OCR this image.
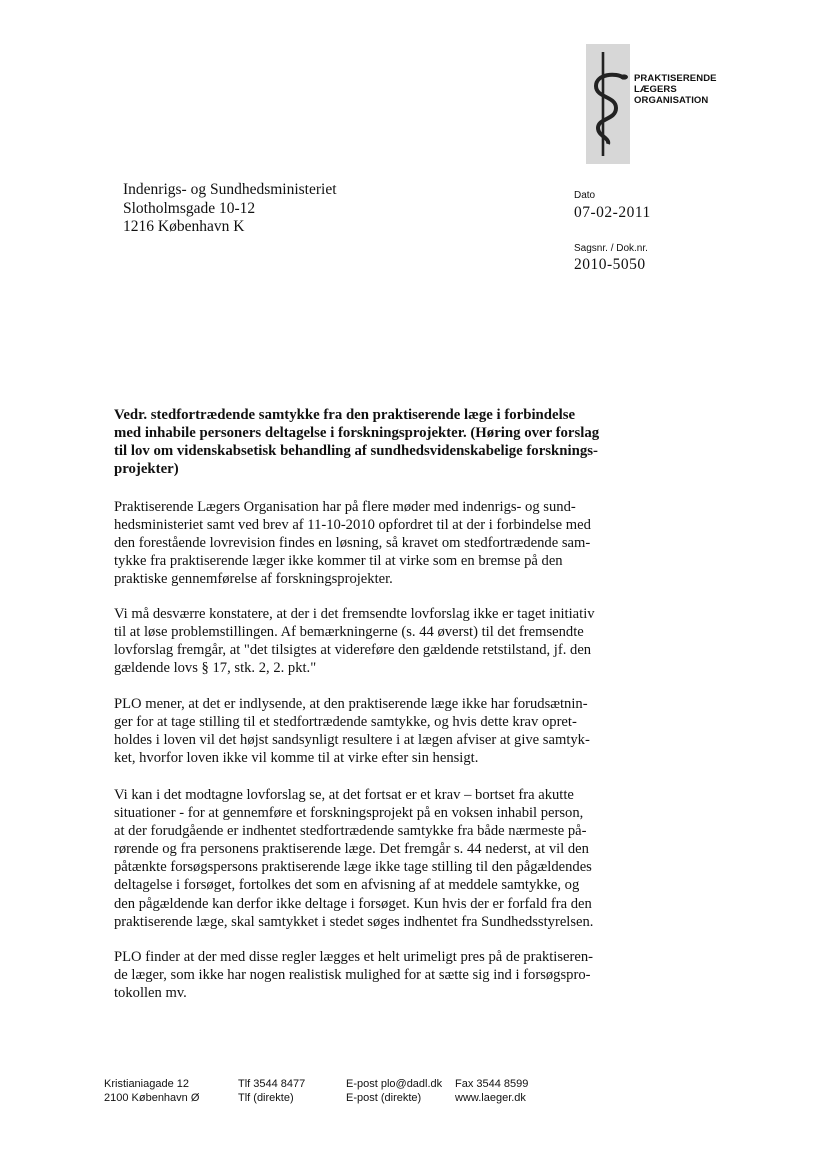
PRAKTISERENDE
LÆGERS
ORGANISATION
Indenrigs- og Sundhedsministeriet
Slotholmsgade 10-12
1216 København K
Dato
07-02-2011
Sagsnr. / Dok.nr.
2010-5050
Vedr. stedfortrædende samtykke fra den praktiserende læge i forbindelse
med inhabile personers deltagelse i forskningsprojekter. (Høring over forslag
til lov om videnskabsetisk behandling af sundhedsvidenskabelige forsknings-
projekter)
Praktiserende Lægers Organisation har på flere møder med indenrigs- og sund-
hedsministeriet samt ved brev af 11-10-2010 opfordret til at der i forbindelse med
den forestående lovrevision findes en løsning, så kravet om stedfortrædende sam-
tykke fra praktiserende læger ikke kommer til at virke som en bremse på den
praktiske gennemførelse af forskningsprojekter.
Vi må desværre konstatere, at der i det fremsendte lovforslag ikke er taget initiativ
til at løse problemstillingen. Af bemærkningerne (s. 44 øverst) til det fremsendte
lovforslag fremgår, at "det tilsigtes at videreføre den gældende retstilstand, jf. den
gældende lovs § 17, stk. 2, 2. pkt."
PLO mener, at det er indlysende, at den praktiserende læge ikke har forudsætnin-
ger for at tage stilling til et stedfortrædende samtykke, og hvis dette krav opret-
holdes i loven vil det højst sandsynligt resultere i at lægen afviser at give samtyk-
ket, hvorfor loven ikke vil komme til at virke efter sin hensigt.
Vi kan i det modtagne lovforslag se, at det fortsat er et krav – bortset fra akutte
situationer - for at gennemføre et forskningsprojekt på en voksen inhabil person,
at der forudgående er indhentet stedfortrædende samtykke fra både nærmeste på-
rørende og fra personens praktiserende læge. Det fremgår s. 44 nederst, at vil den
påtænkte forsøgspersons praktiserende læge ikke tage stilling til den pågældendes
deltagelse i forsøget, fortolkes det som en afvisning af at meddele samtykke, og
den pågældende kan derfor ikke deltage i forsøget. Kun hvis der er forfald fra den
praktiserende læge, skal samtykket i stedet søges indhentet fra Sundhedsstyrelsen.
PLO finder at der med disse regler lægges et helt urimeligt pres på de praktiseren-
de læger, som ikke har nogen realistisk mulighed for at sætte sig ind i forsøgspro-
tokollen mv.
Kristianiagade 12
2100 København Ø
Tlf 3544 8477
Tlf (direkte)
E-post plo@dadl.dk
E-post (direkte)
Fax 3544 8599
www.laeger.dk
